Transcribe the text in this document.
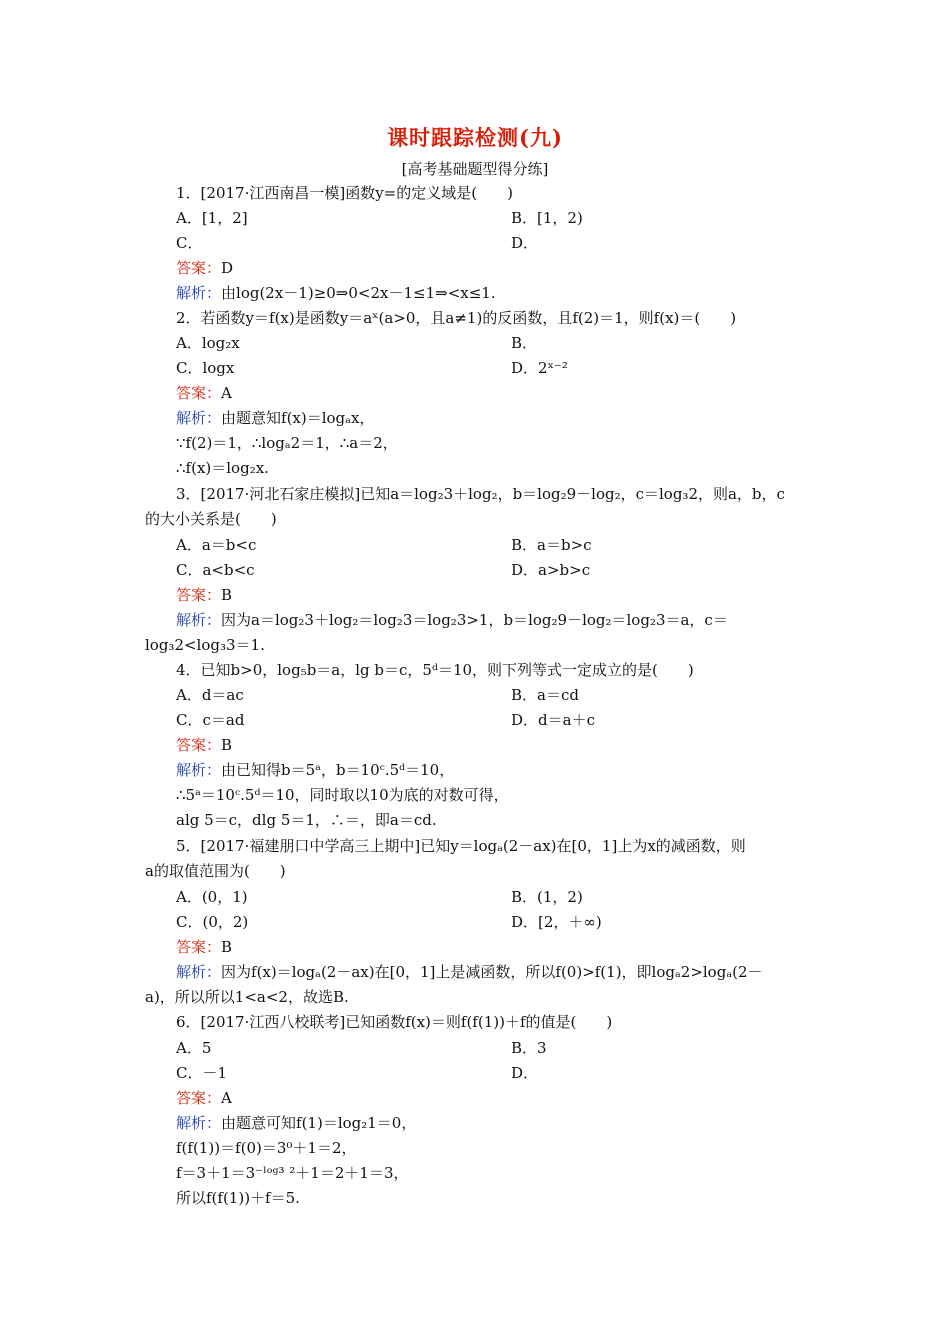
课时跟踪检测(九)
[高考基础题型得分练]
1．[2017·江西南昌一模]函数y=的定义域是(　　)
A．[1，2]	B．[1，2)
C．	D．
答案：D
解析：由log(2x－1)≥0⇒0<2x－1≤1⇒<x≤1.
2．若函数y＝f(x)是函数y＝aˣ(a>0，且a≠1)的反函数，且f(2)＝1，则f(x)＝(　　)
A．log₂x	B．
C．logx	D．2ˣ⁻²
答案：A
解析：由题意知f(x)＝logₐx，
∵f(2)＝1，∴logₐ2＝1，∴a＝2，
∴f(x)＝log₂x.
3．[2017·河北石家庄模拟]已知a＝log₂3＋log₂，b＝log₂9－log₂，c＝log₃2，则a，b，c
的大小关系是(　　)
A．a＝b<c	B．a＝b>c
C．a<b<c	D．a>b>c
答案：B
解析：因为a＝log₂3＋log₂＝log₂3＝log₂3>1，b＝log₂9－log₂＝log₂3＝a，c＝
log₃2<log₃3＝1.
4．已知b>0，log₅b＝a，lg b＝c，5ᵈ＝10，则下列等式一定成立的是(　　)
A．d＝ac	B．a＝cd
C．c＝ad	D．d＝a＋c
答案：B
解析：由已知得b＝5ᵃ，b＝10ᶜ.5ᵈ＝10，
∴5ᵃ＝10ᶜ.5ᵈ＝10，同时取以10为底的对数可得，
alg 5＝c，dlg 5＝1，∴＝，即a＝cd.
5．[2017·福建朋口中学高三上期中]已知y＝logₐ(2－ax)在[0，1]上为x的减函数，则
a的取值范围为(　　)
A．(0，1)	B．(1，2)
C．(0，2)	D．[2，＋∞)
答案：B
解析：因为f(x)＝logₐ(2－ax)在[0，1]上是减函数，所以f(0)>f(1)，即logₐ2>logₐ(2－
a)，所以所以1<a<2，故选B.
6．[2017·江西八校联考]已知函数f(x)＝则f(f(1))＋f的值是(　　)
A．5	B．3
C．－1	D．
答案：A
解析：由题意可知f(1)＝log₂1＝0，
f(f(1))＝f(0)＝3⁰＋1＝2，
f＝3＋1＝3⁻ˡᵒᵍ³ ²＋1＝2＋1＝3，
所以f(f(1))＋f＝5.
